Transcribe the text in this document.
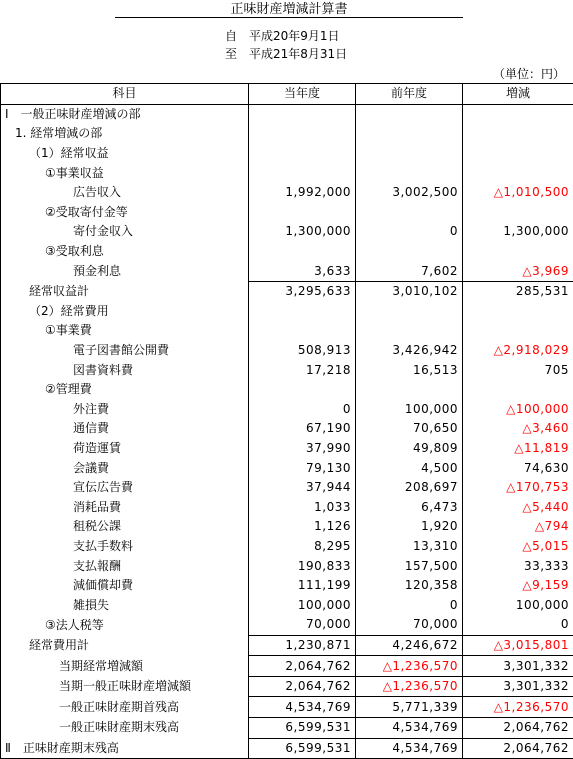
正味財産増減計算書
自　平成20年9月1日
至　平成21年8月31日
（単位：円）
科目	当年度	前年度	増減
Ⅰ　一般正味財産増減の部			
1. 経常増減の部			
（1）経常収益			
①事業収益			
広告収入	1,992,000	3,002,500	△1,010,500
②受取寄付金等			
寄付金収入	1,300,000	0	1,300,000
③受取利息			
預金利息	3,633	7,602	△3,969
経常収益計	3,295,633	3,010,102	285,531
（2）経常費用			
①事業費			
電子図書館公開費	508,913	3,426,942	△2,918,029
図書資料費	17,218	16,513	705
②管理費			
外注費	0	100,000	△100,000
通信費	67,190	70,650	△3,460
荷造運賃	37,990	49,809	△11,819
会議費	79,130	4,500	74,630
宣伝広告費	37,944	208,697	△170,753
消耗品費	1,033	6,473	△5,440
租税公課	1,126	1,920	△794
支払手数料	8,295	13,310	△5,015
支払報酬	190,833	157,500	33,333
減価償却費	111,199	120,358	△9,159
雑損失	100,000	0	100,000
③法人税等	70,000	70,000	0
経常費用計	1,230,871	4,246,672	△3,015,801
当期経常増減額	2,064,762	△1,236,570	3,301,332
当期一般正味財産増減額	2,064,762	△1,236,570	3,301,332
一般正味財産期首残高	4,534,769	5,771,339	△1,236,570
一般正味財産期末残高	6,599,531	4,534,769	2,064,762
Ⅱ　正味財産期末残高	6,599,531	4,534,769	2,064,762
